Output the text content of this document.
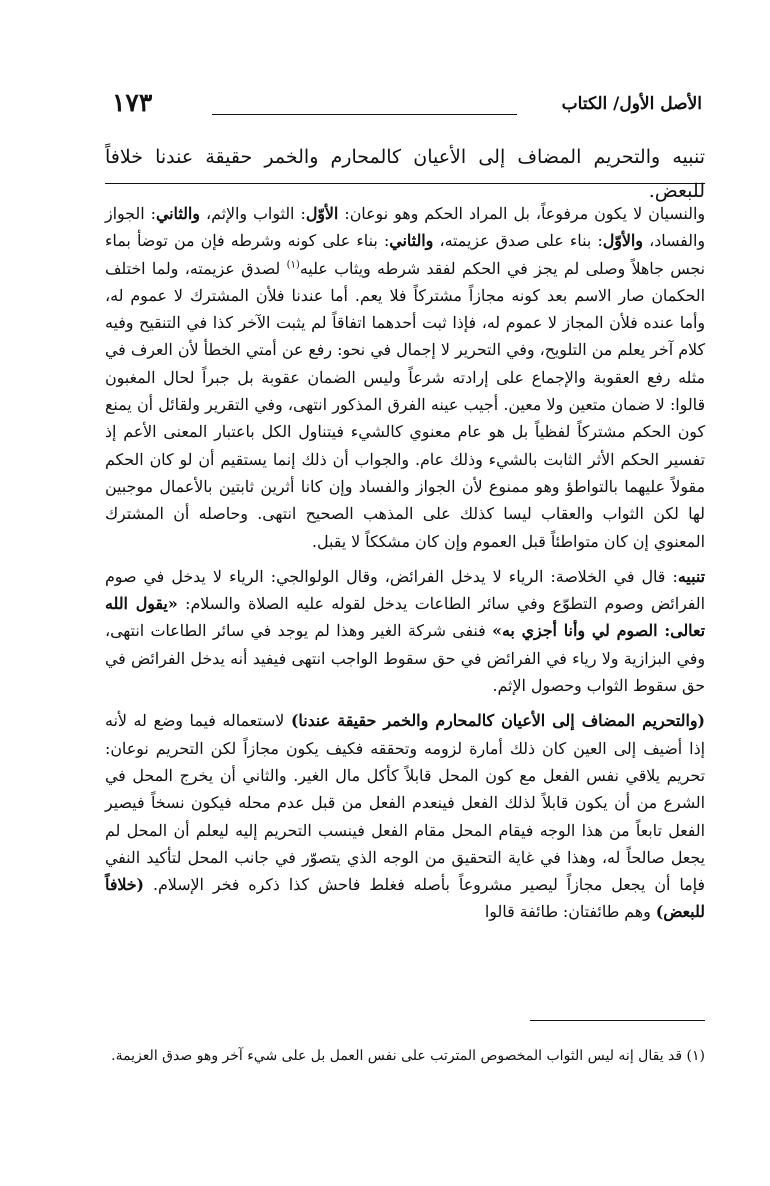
الأصل الأول/ الكتاب
١٧٣
تنبيه والتحريم المضاف إلى الأعيان كالمحارم والخمر حقيقة عندنا خلافاً للبعض.

والنسيان لا يكون مرفوعاً، بل المراد الحكم وهو نوعان: الأوّل: الثواب والإثم، والثاني: الجواز والفساد، والأوّل: بناء على صدق عزيمته، والثاني: بناء على كونه وشرطه فإن من توضأ بماء نجس جاهلاً وصلى لم يجز في الحكم لفقد شرطه ويثاب عليه$^{(١)}$ لصدق عزيمته، ولما اختلف الحكمان صار الاسم بعد كونه مجازاً مشتركاً فلا يعم. أما عندنا فلأن المشترك لا عموم له، وأما عنده فلأن المجاز لا عموم له، فإذا ثبت أحدهما اتفاقاً لم يثبت الآخر كذا في التنقيح وفيه كلام آخر يعلم من التلويح، وفي التحرير لا إجمال في نحو: رفع عن أمتي الخطأ لأن العرف في مثله رفع العقوبة والإجماع على إرادته شرعاً وليس الضمان عقوبة بل جبراً لحال المغبون قالوا: لا ضمان متعين ولا معين. أجيب عينه الفرق المذكور انتهى، وفي التقرير ولقائل أن يمنع كون الحكم مشتركاً لفظياً بل هو عام معنوي كالشيء فيتناول الكل باعتبار المعنى الأعم إذ تفسير الحكم الأثر الثابت بالشيء وذلك عام. والجواب أن ذلك إنما يستقيم أن لو كان الحكم مقولاً عليهما بالتواطؤ وهو ممنوع لأن الجواز والفساد وإن كانا أثرين ثابتين بالأعمال موجبين لها لكن الثواب والعقاب ليسا كذلك على المذهب الصحيح انتهى. وحاصله أن المشترك المعنوي إن كان متواطئاً قبل العموم وإن كان مشككاً لا يقبل.

تنبيه: قال في الخلاصة: الرياء لا يدخل الفرائض، وقال الولوالجي: الرياء لا يدخل في صوم الفرائض وصوم التطوّع وفي سائر الطاعات يدخل لقوله عليه الصلاة والسلام: «يقول الله تعالى: الصوم لي وأنا أجزي به» فنفى شركة الغير وهذا لم يوجد في سائر الطاعات انتهى، وفي البزازية ولا رياء في الفرائض في حق سقوط الواجب انتهى فيفيد أنه يدخل الفرائض في حق سقوط الثواب وحصول الإثم.

(والتحريم المضاف إلى الأعيان كالمحارم والخمر حقيقة عندنا) لاستعماله فيما وضع له لأنه إذا أضيف إلى العين كان ذلك أمارة لزومه وتحققه فكيف يكون مجازاً لكن التحريم نوعان: تحريم يلاقي نفس الفعل مع كون المحل قابلاً كأكل مال الغير. والثاني أن يخرج المحل في الشرع من أن يكون قابلاً لذلك الفعل فينعدم الفعل من قبل عدم محله فيكون نسخاً فيصير الفعل تابعاً من هذا الوجه فيقام المحل مقام الفعل فينسب التحريم إليه ليعلم أن المحل لم يجعل صالحاً له، وهذا في غاية التحقيق من الوجه الذي يتصوّر في جانب المحل لتأكيد النفي فإما أن يجعل مجازاً ليصير مشروعاً بأصله فغلط فاحش كذا ذكره فخر الإسلام. (خلافاً للبعض) وهم طائفتان: طائفة قالوا

(١) قد يقال إنه ليس الثواب المخصوص المترتب على نفس العمل بل على شيء آخر وهو صدق العزيمة.
